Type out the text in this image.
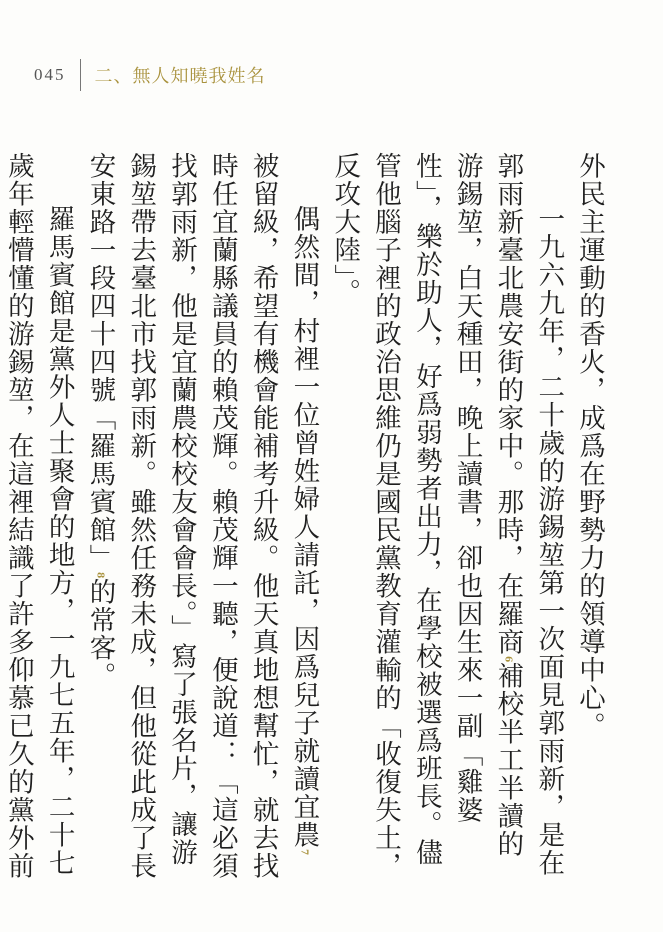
045 二、無人知曉我姓名

外民主運動的香火，成爲在野勢力的領導中心。

一九六九年，二十歲的游錫堃第一次面見郭雨新，是在郭雨新臺北農安街的家中。那時，在羅商6補校半工半讀的游錫堃，白天種田，晚上讀書，卻也因生來一副「雞婆性」，樂於助人，好爲弱勢者出力，在學校被選爲班長。儘管他腦子裡的政治思維仍是國民黨教育灌輸的「收復失土，反攻大陸」。

偶然間，村裡一位曾姓婦人請託，因爲兒子就讀宜農7被留級，希望有機會能補考升級。他天真地想幫忙，就去找時任宜蘭縣議員的賴茂輝。賴茂輝一聽，便說道：「這必須找郭雨新，他是宜蘭農校校友會會長。」寫了張名片，讓游錫堃帶去臺北市找郭雨新。雖然任務未成，但他從此成了長安東路一段四十四號「羅馬賓館」8的常客。

羅馬賓館是黨外人士聚會的地方，一九七五年，二十七歲年輕懵懂的游錫堃，在這裡結識了許多仰慕已久的黨外前
